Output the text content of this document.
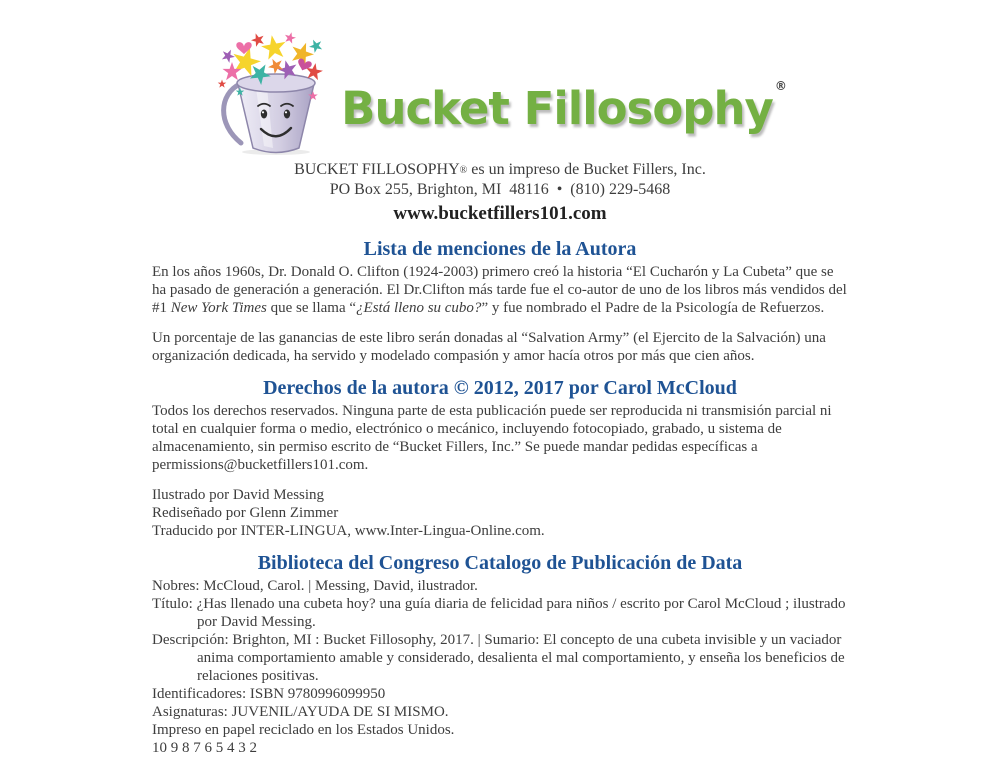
Bucket Fillosophy ®
BUCKET FILLOSOPHY® es un impreso de Bucket Fillers, Inc.
PO Box 255, Brighton, MI  48116  •  (810) 229-5468
www.bucketfillers101.com
Lista de menciones de la Autora

En los años 1960s, Dr. Donald O. Clifton (1924-2003) primero creó la historia “El Cucharón y La Cubeta” que se ha pasado de generación a generación. El Dr.Clifton más tarde fue el co-autor de uno de los libros más vendidos del #1 New York Times que se llama “¿Está lleno su cubo?” y fue nombrado el Padre de la Psicología de Refuerzos.

Un porcentaje de las ganancias de este libro serán donadas al “Salvation Army” (el Ejercito de la Salvación) una organización dedicada, ha servido y modelado compasión y amor hacía otros por más que cien años.

Derechos de la autora © 2012, 2017 por Carol McCloud

Todos los derechos reservados. Ninguna parte de esta publicación puede ser reproducida ni transmisión parcial ni total en cualquier forma o medio, electrónico o mecánico, incluyendo fotocopiado, grabado, u sistema de almacenamiento, sin permiso escrito de “Bucket Fillers, Inc.” Se puede mandar pedidas específicas a permissions@bucketfillers101.com.

Ilustrado por David Messing
Rediseñado por Glenn Zimmer
Traducido por INTER-LINGUA, www.Inter-Lingua-Online.com.
Biblioteca del Congreso Catalogo de Publicación de Data
Nobres: McCloud, Carol. | Messing, David, ilustrador.
Título: ¿Has llenado una cubeta hoy? una guía diaria de felicidad para niños / escrito por Carol McCloud ; ilustrado por David Messing.
Descripción: Brighton, MI : Bucket Fillosophy, 2017. | Sumario: El concepto de una cubeta invisible y un vaciador anima comportamiento amable y considerado, desalienta el mal comportamiento, y enseña los beneficios de relaciones positivas.
Identificadores: ISBN 9780996099950
Asignaturas: JUVENIL/AYUDA DE SI MISMO.
Impreso en papel reciclado en los Estados Unidos.
10 9 8 7 6 5 4 3 2
